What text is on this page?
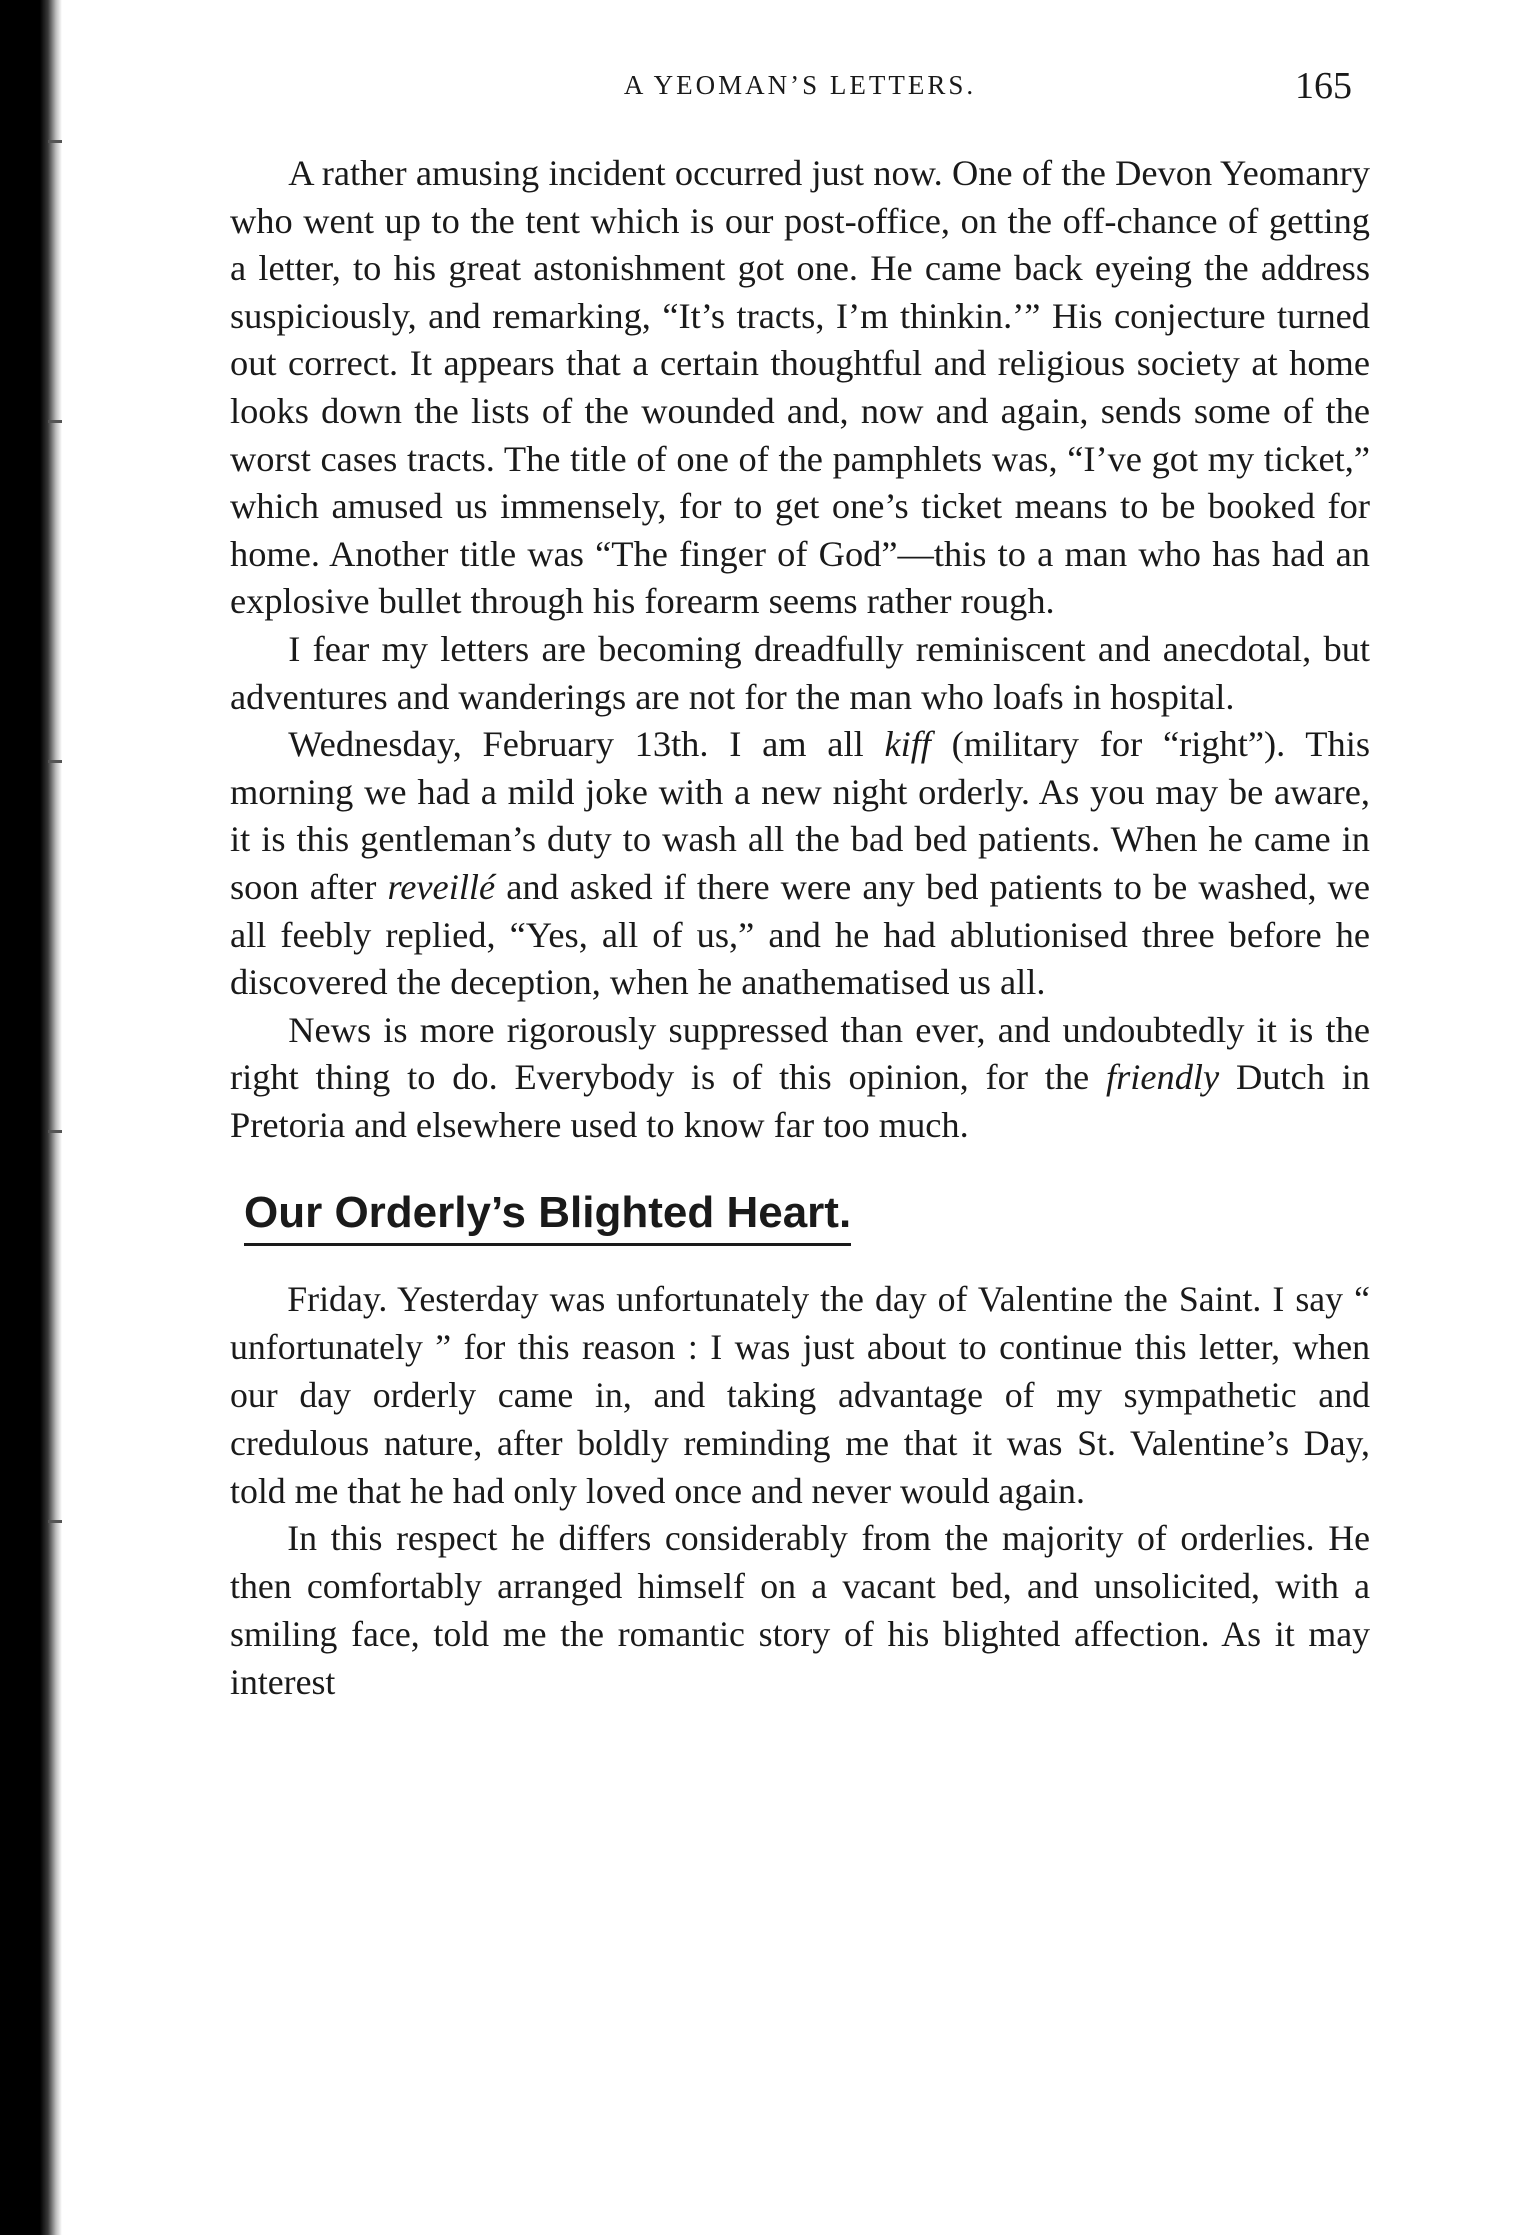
A YEOMAN’S LETTERS.	165

A rather amusing incident occurred just now. One of the Devon Yeomanry who went up to the tent which is our post-office, on the off-chance of getting a letter, to his great astonishment got one. He came back eyeing the address suspiciously, and remarking, “It’s tracts, I’m thinkin.’” His conjecture turned out correct. It appears that a certain thoughtful and religious society at home looks down the lists of the wounded and, now and again, sends some of the worst cases tracts. The title of one of the pamphlets was, “I’ve got my ticket,” which amused us immensely, for to get one’s ticket means to be booked for home. Another title was “The finger of God”—this to a man who has had an explosive bullet through his forearm seems rather rough.

I fear my letters are becoming dreadfully reminiscent and anecdotal, but adventures and wanderings are not for the man who loafs in hospital.

Wednesday, February 13th. I am all kiff (military for “right”). This morning we had a mild joke with a new night orderly. As you may be aware, it is this gentleman’s duty to wash all the bad bed patients. When he came in soon after reveillé and asked if there were any bed patients to be washed, we all feebly replied, “Yes, all of us,” and he had ablutionised three before he discovered the deception, when he anathematised us all.

News is more rigorously suppressed than ever, and undoubtedly it is the right thing to do. Everybody is of this opinion, for the friendly Dutch in Pretoria and elsewhere used to know far too much.

Our Orderly’s Blighted Heart.

Friday. Yesterday was unfortunately the day of Valentine the Saint. I say “ unfortunately ” for this reason : I was just about to continue this letter, when our day orderly came in, and taking advantage of my sympathetic and credulous nature, after boldly reminding me that it was St. Valentine’s Day, told me that he had only loved once and never would again.

In this respect he differs considerably from the majority of orderlies. He then comfortably arranged himself on a vacant bed, and unsolicited, with a smiling face, told me the romantic story of his blighted affection. As it may interest
